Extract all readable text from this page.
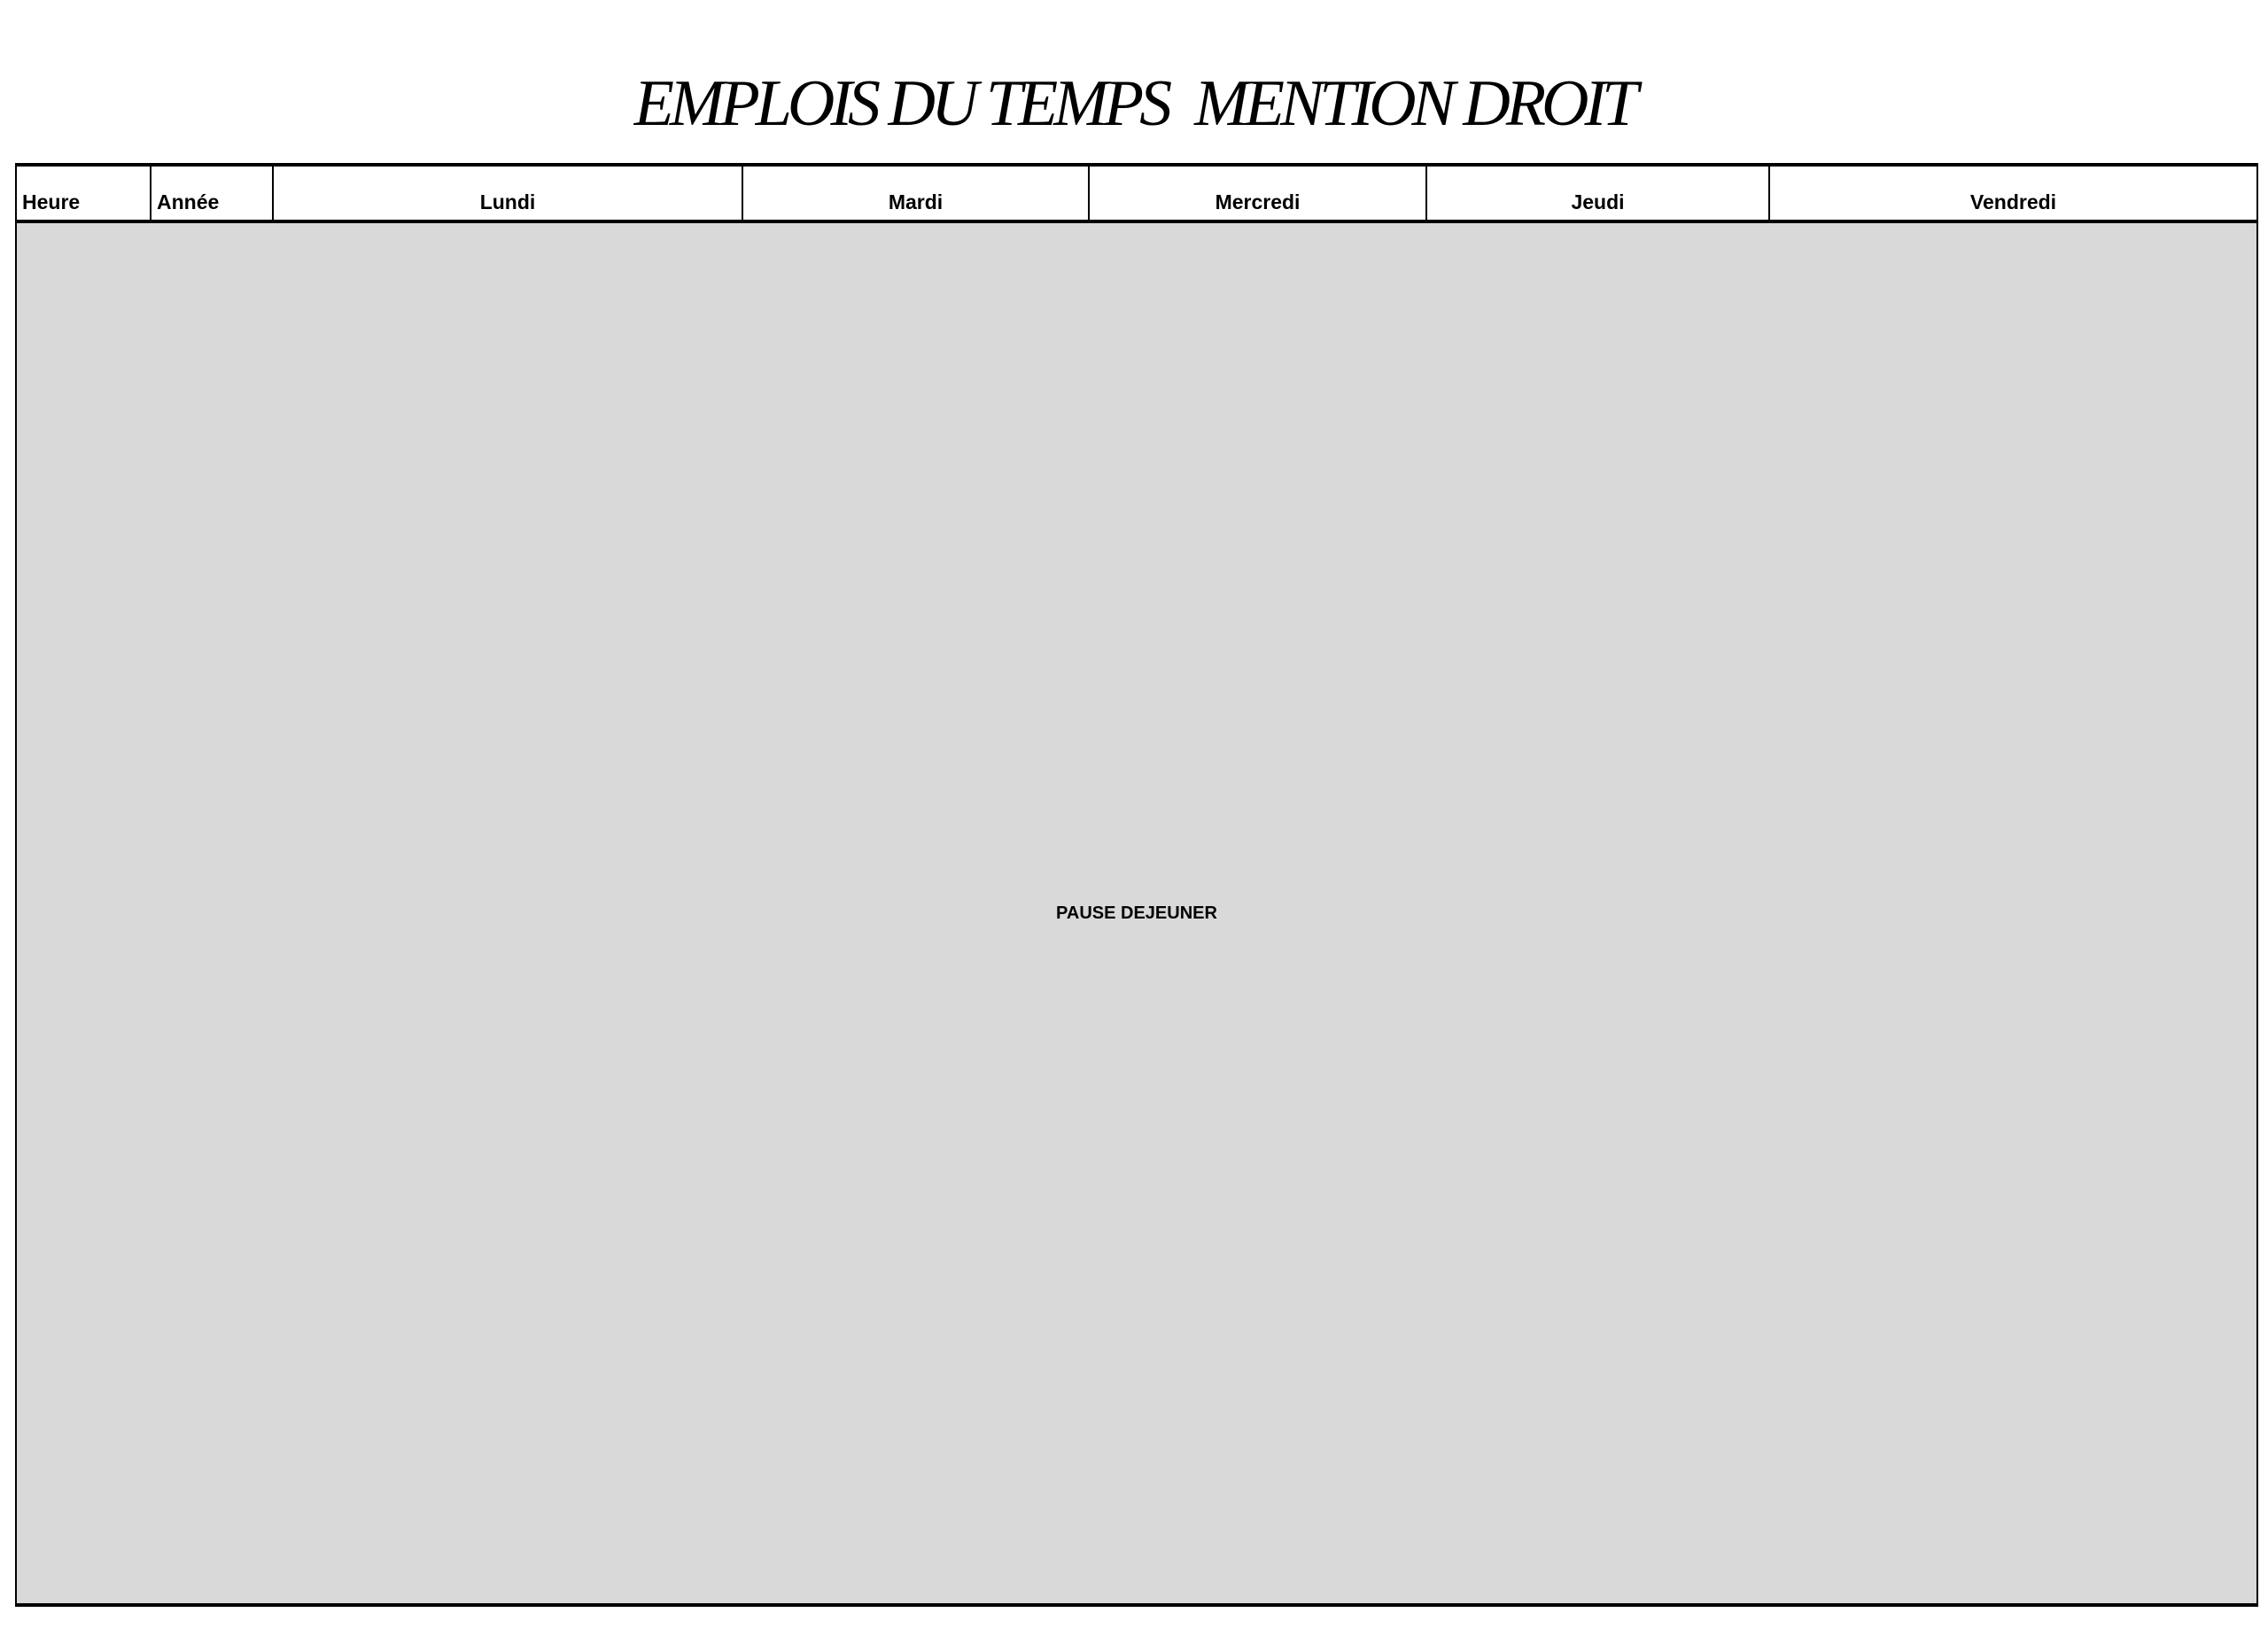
EMPLOIS DU TEMPS MENTION DROIT
Heure	Année	Lundi	Mardi	Mercredi	Jeudi	Vendredi
PAUSE DEJEUNER
